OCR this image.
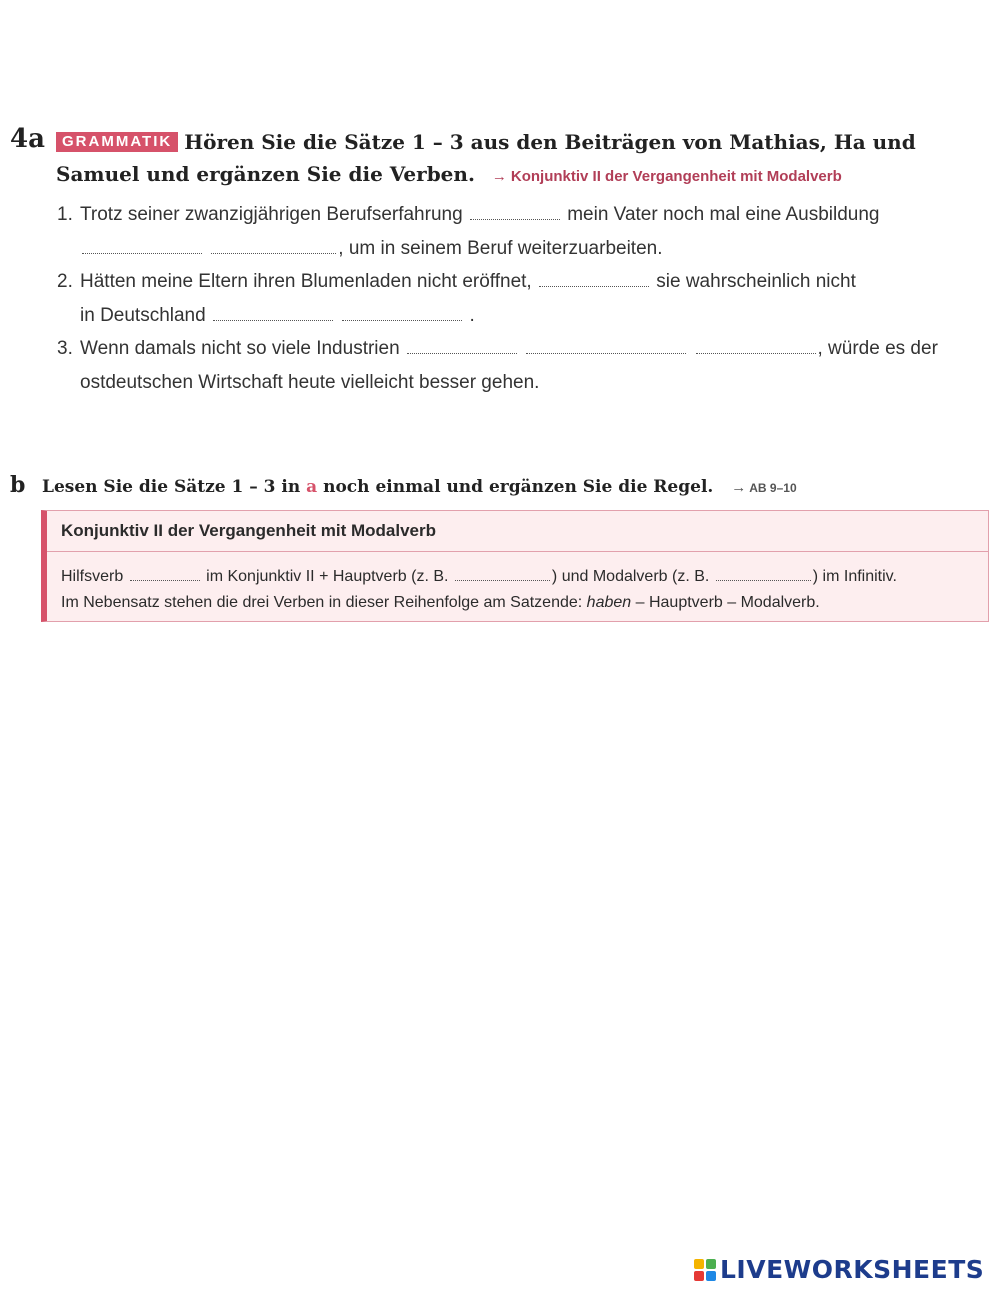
4a	GRAMMATIK Hören Sie die Sätze 1 – 3 aus den Beiträgen von Mathias, Ha und Samuel und ergänzen Sie die Verben. → Konjunktiv II der Vergangenheit mit Modalverb
1. Trotz seiner zwanzigjährigen Berufserfahrung	mein Vater noch mal eine Ausbildung
, um in seinem Beruf weiterzuarbeiten.
2. Hätten meine Eltern ihren Blumenladen nicht eröffnet,	sie wahrscheinlich nicht
in Deutschland	.
3. Wenn damals nicht so viele Industrien	, würde es der
ostdeutschen Wirtschaft heute vielleicht besser gehen.
b Lesen Sie die Sätze 1 – 3 in a noch einmal und ergänzen Sie die Regel. → AB 9–10
Konjunktiv II der Vergangenheit mit Modalverb
Hilfsverb	im Konjunktiv II + Hauptverb (z. B.	) und Modalverb (z. B.	) im Infinitiv.
Im Nebensatz stehen die drei Verben in dieser Reihenfolge am Satzende: haben – Hauptverb – Modalverb.
LIVEWORKSHEETS
